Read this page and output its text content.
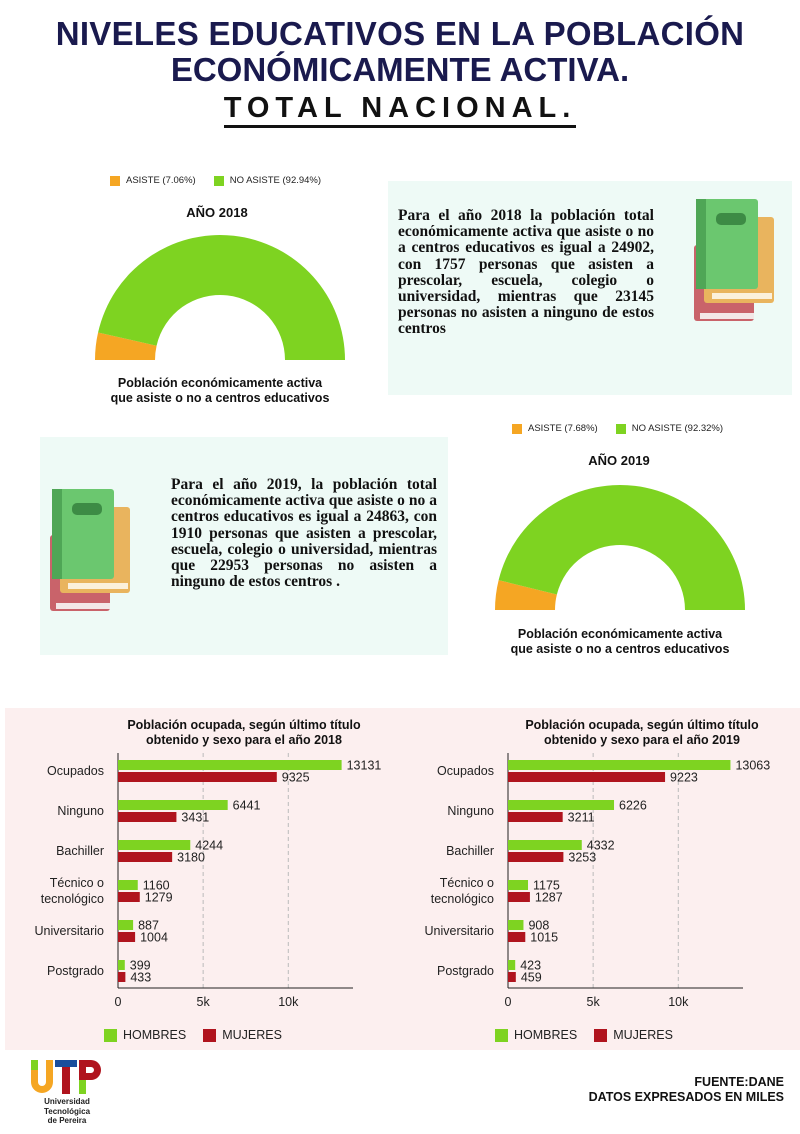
NIVELES EDUCATIVOS EN LA POBLACIÓN
ECONÓMICAMENTE ACTIVA.
TOTAL NACIONAL.
ASISTE (7.06%)	NO ASISTE (92.94%)
AÑO 2018
Población económicamente activa
que asiste o no a centros educativos
Para el año 2018 la población total económicamente activa que asiste o no a centros educativos es igual a 24902, con 1757 personas que asisten a prescolar, escuela, colegio o universidad, mientras que 23145 personas no asisten a ninguno de estos centros
Para el año 2019, la población total económicamente activa que asiste o no a centros educativos es igual a 24863, con 1910 personas que asisten a prescolar, escuela, colegio o universidad, mientras que 22953 personas no asisten a ninguno de estos centros .
ASISTE (7.68%)	NO ASISTE (92.32%)
AÑO 2019
Población económicamente activa
que asiste o no a centros educativos
Población ocupada, según último título
obtenido y sexo para el año 2018
0	5k	10k
Ocupados	13131
9325
Ninguno	6441
3431
Bachiller	4244
3180
Técnico o
tecnológico
1160
1279
Universitario	887
1004
Postgrado 399
433
HOMBRES	MUJERES
Población ocupada, según último título
obtenido y sexo para el año 2019
0	5k	10k
Ocupados	13063
9223
Ninguno	6226
3211
Bachiller	4332
3253
Técnico o
tecnológico
1175
1287
Universitario	908
1015
Postgrado 423
459
HOMBRES	MUJERES
Universidad Tecnológica
de Pereira
FUENTE:DANE
DATOS EXPRESADOS EN MILES
